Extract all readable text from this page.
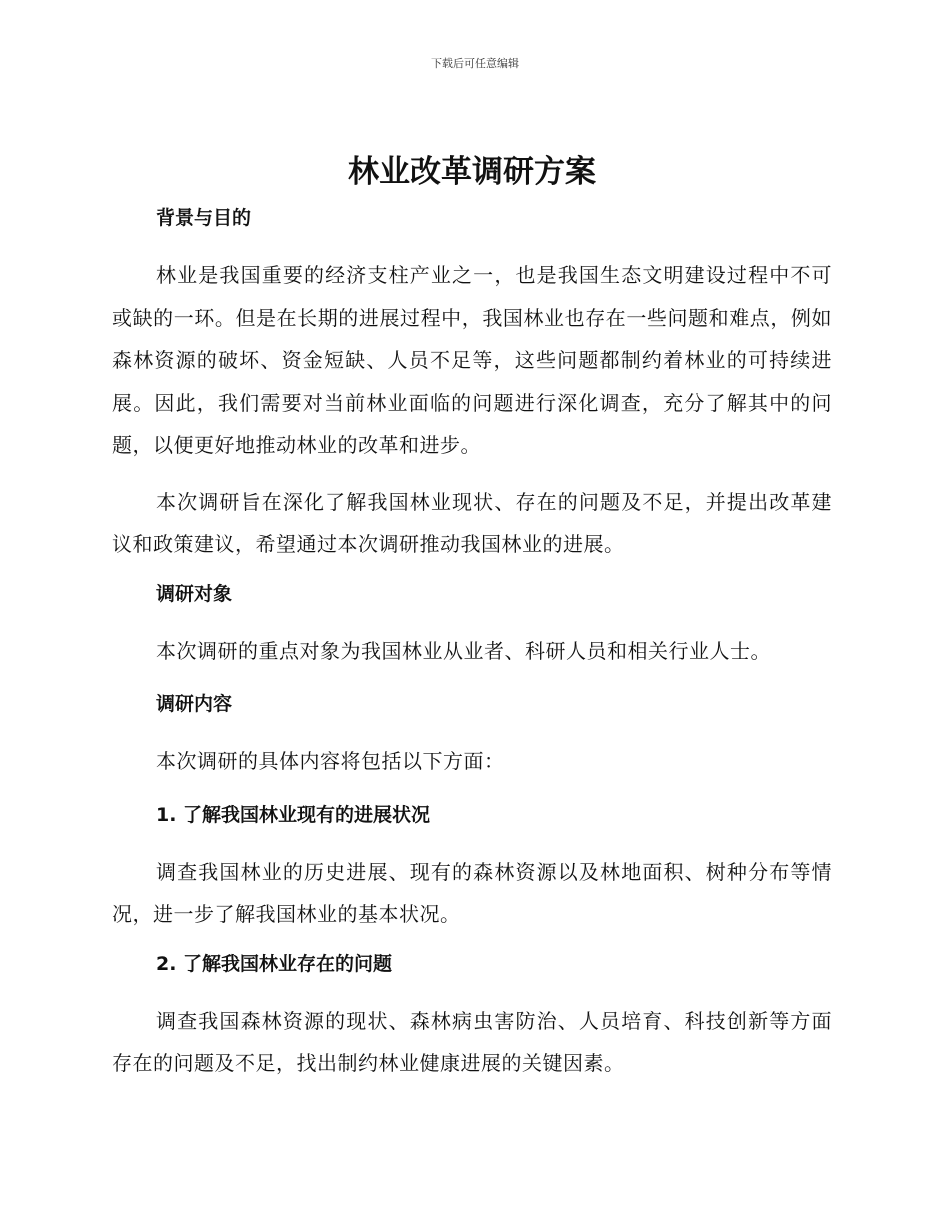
下载后可任意编辑
林业改革调研方案
背景与目的

林业是我国重要的经济支柱产业之一，也是我国生态文明建设过程中不可或缺的一环。但是在长期的进展过程中，我国林业也存在一些问题和难点，例如森林资源的破坏、资金短缺、人员不足等，这些问题都制约着林业的可持续进展。因此，我们需要对当前林业面临的问题进行深化调查，充分了解其中的问题，以便更好地推动林业的改革和进步。

本次调研旨在深化了解我国林业现状、存在的问题及不足，并提出改革建议和政策建议，希望通过本次调研推动我国林业的进展。

调研对象

本次调研的重点对象为我国林业从业者、科研人员和相关行业人士。

调研内容

本次调研的具体内容将包括以下方面：

1. 了解我国林业现有的进展状况

调查我国林业的历史进展、现有的森林资源以及林地面积、树种分布等情况，进一步了解我国林业的基本状况。

2. 了解我国林业存在的问题

调查我国森林资源的现状、森林病虫害防治、人员培育、科技创新等方面存在的问题及不足，找出制约林业健康进展的关键因素。
